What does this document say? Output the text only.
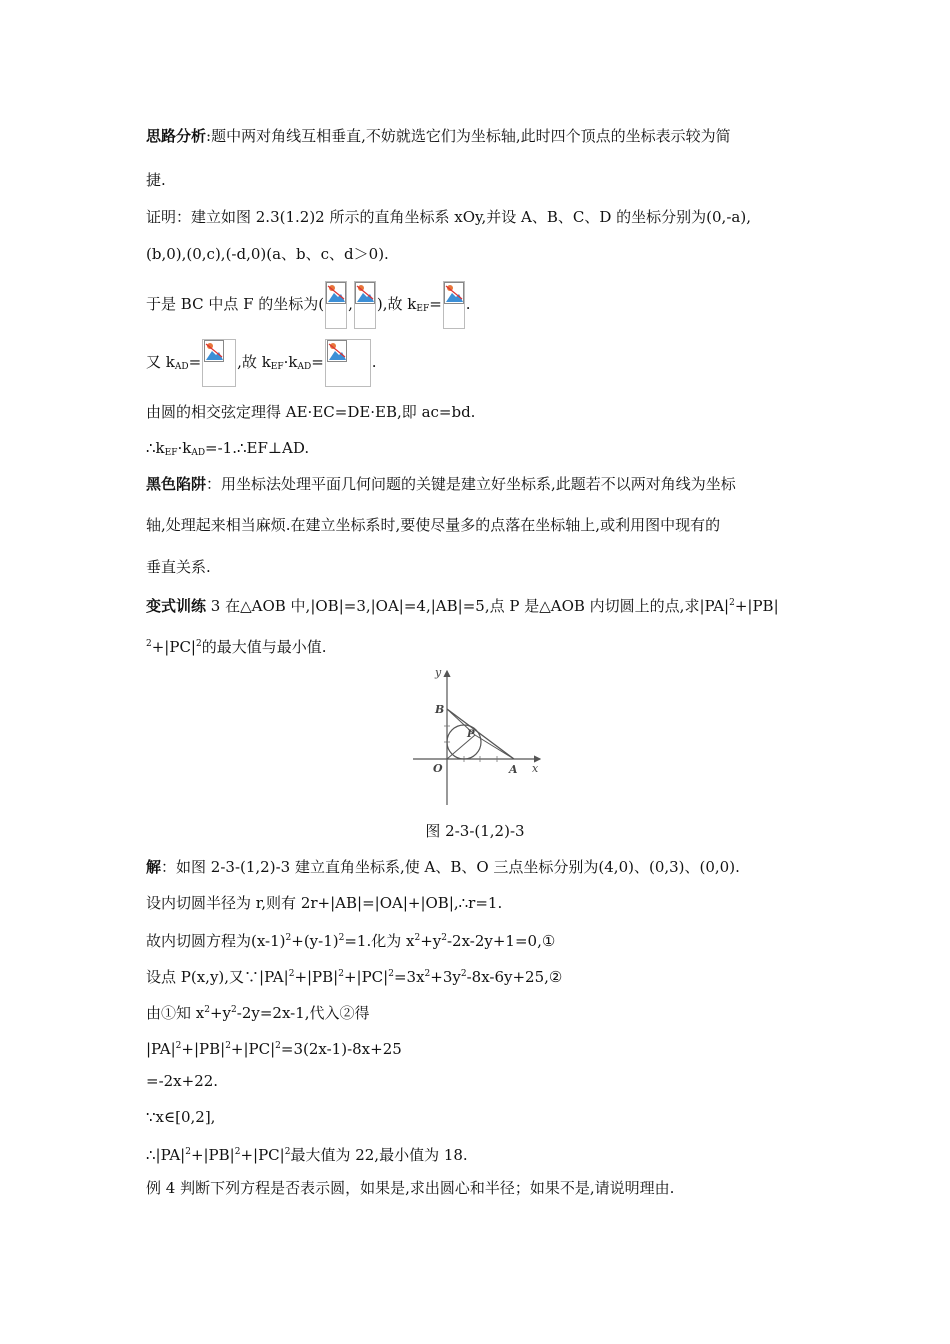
思路分析:题中两对角线互相垂直,不妨就选它们为坐标轴,此时四个顶点的坐标表示较为简
捷.
证明：建立如图 2.3(1.2)2 所示的直角坐标系 xOy,并设 A、B、C、D 的坐标分别为(0,-a),
(b,0),(0,c),(-d,0)(a、b、c、d＞0).
于是 BC 中点 F 的坐标为( , ),故 $k_{EF}=$ .
又 $k_{AD}=$ ,故 $k_{EF}\cdot k_{AD}=$	.
由圆的相交弦定理得 AE·EC=DE·EB,即 ac=bd.
$\therefore k_{EF}\cdot k_{AD}=-1.\therefore EF\perp AD$.
黑色陷阱：用坐标法处理平面几何问题的关键是建立好坐标系,此题若不以两对角线为坐标
轴,处理起来相当麻烦.在建立坐标系时,要使尽量多的点落在坐标轴上,或利用图中现有的
垂直关系.
变式训练 3 在△AOB 中,|OB|=3,|OA|=4,|AB|=5,点 P 是△AOB 内切圆上的点,求$|PA|^2+|PB|$
$^2+|PC|^2$的最大值与最小值.
y
x
B
O	A
P
图 2-3-(1,2)-3
解：如图 2-3-(1,2)-3 建立直角坐标系,使 A、B、O 三点坐标分别为(4,0)、(0,3)、(0,0).
设内切圆半径为 r,则有 2r+|AB|=|OA|+|OB|,∴r=1.
故内切圆方程为$(x-1)^2+(y-1)^2=1$.化为 $x^2+y^2-2x-2y+1=0,①$
设点 P(x,y),又$\because|PA|^2+|PB|^2+|PC|^2=3x^2+3y^2-8x-6y+25,②$
由①知 $x^2+y^2-2y=2x-1$,代入②得
$|PA|^2+|PB|^2+|PC|^2=3(2x-1)-8x+25$
=-2x+22.
∵x∈[0,2],
$\therefore|PA|^2+|PB|^2+|PC|^2$最大值为 22,最小值为 18.
例 4 判断下列方程是否表示圆，如果是,求出圆心和半径；如果不是,请说明理由.
